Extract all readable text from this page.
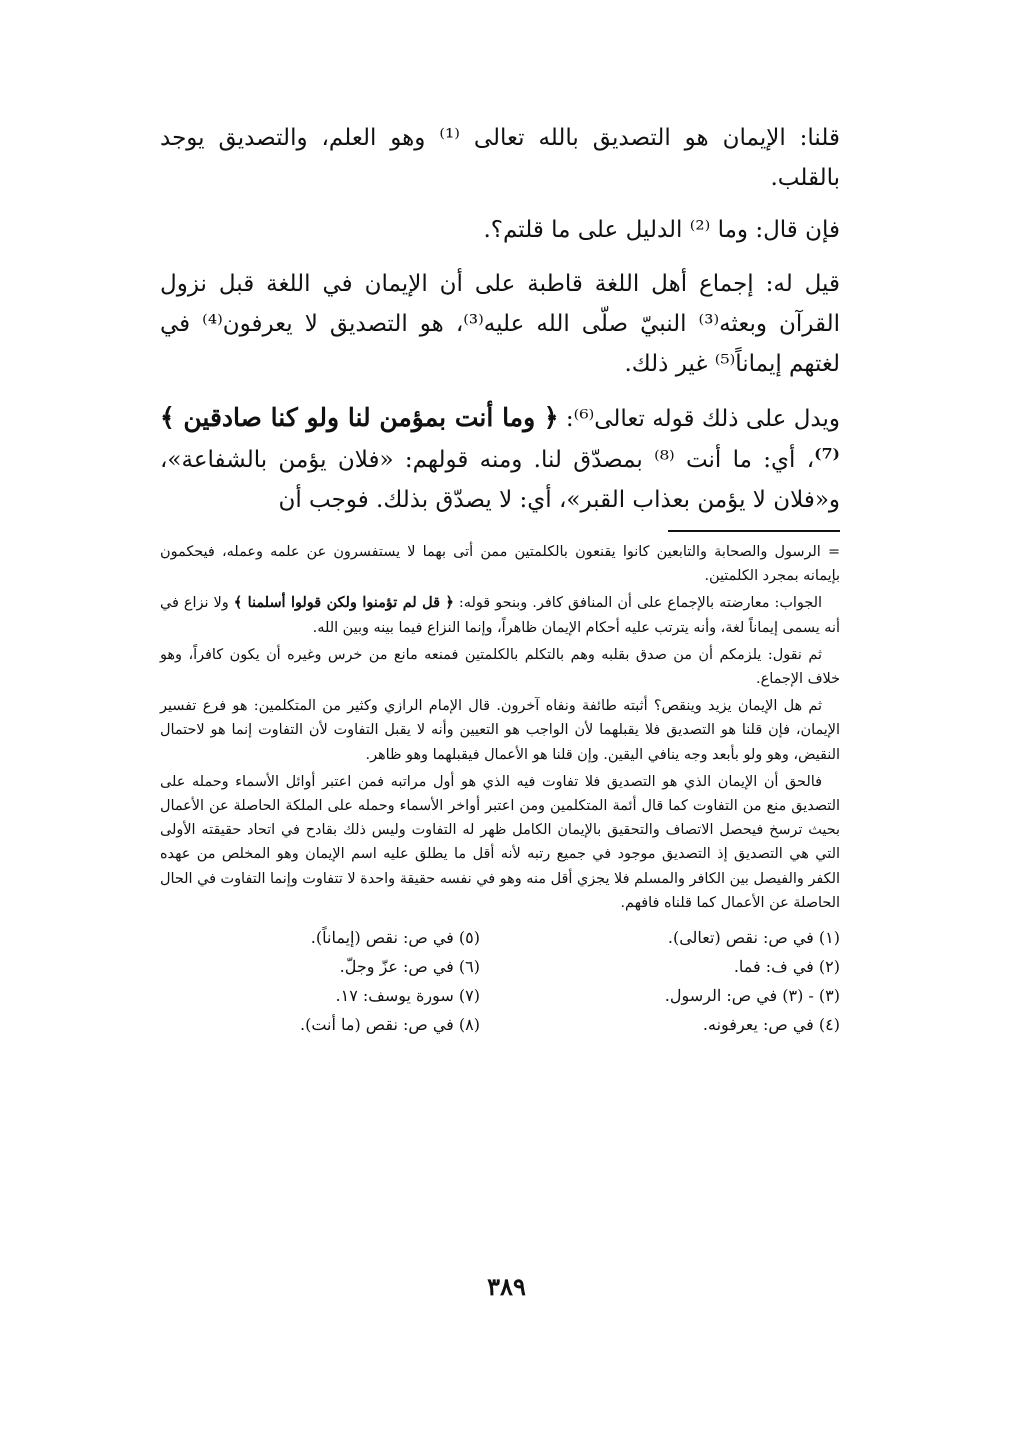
قلنا: الإيمان هو التصديق بالله تعالى ⁽¹⁾ وهو العلم، والتصديق يوجد بالقلب.

فإن قال: وما ⁽²⁾ الدليل على ما قلتم؟.

قيل له: إجماع أهل اللغة قاطبة على أن الإيمان في اللغة قبل نزول القرآن وبعثه⁽³⁾ النبيّ صلّى الله عليه⁽³⁾، هو التصديق لا يعرفون⁽⁴⁾ في لغتهم إيماناً⁽⁵⁾ غير ذلك.

ويدل على ذلك قوله تعالى⁽⁶⁾: ﴿ وما أنت بمؤمن لنا ولو كنا صادقين ﴾⁽⁷⁾، أي: ما أنت ⁽⁸⁾ بمصدّق لنا. ومنه قولهم: «فلان يؤمن بالشفاعة»، و«فلان لا يؤمن بعذاب القبر»، أي: لا يصدّق بذلك. فوجب أن

= الرسول والصحابة والتابعين كانوا يقنعون بالكلمتين ممن أتى بهما لا يستفسرون عن علمه وعمله، فيحكمون بإيمانه بمجرد الكلمتين.

الجواب: معارضته بالإجماع على أن المنافق كافر. وبنحو قوله: ﴿ قل لم تؤمنوا ولكن قولوا أسلمنا ﴾ ولا نزاع في أنه يسمى إيماناً لغة، وأنه يترتب عليه أحكام الإيمان ظاهراً، وإنما النزاع فيما بينه وبين الله.

ثم نقول: يلزمكم أن من صدق بقلبه وهم بالتكلم بالكلمتين فمنعه مانع من خرس وغيره أن يكون كافراً، وهو خلاف الإجماع.

ثم هل الإيمان يزيد وينقص؟ أثبته طائفة ونفاه آخرون. قال الإمام الرازي وكثير من المتكلمين: هو فرع تفسير الإيمان، فإن قلنا هو التصديق فلا يقبلهما لأن الواجب هو التعيين وأنه لا يقبل التفاوت لأن التفاوت إنما هو لاحتمال النقيض، وهو ولو بأبعد وجه ينافي اليقين. وإن قلنا هو الأعمال فيقبلهما وهو ظاهر.

فالحق أن الإيمان الذي هو التصديق فلا تفاوت فيه الذي هو أول مراتبه فمن اعتبر أوائل الأسماء وحمله على التصديق منع من التفاوت كما قال أئمة المتكلمين ومن اعتبر أواخر الأسماء وحمله على الملكة الحاصلة عن الأعمال بحيث ترسخ فيحصل الاتصاف والتحقيق بالإيمان الكامل ظهر له التفاوت وليس ذلك بقادح في اتحاد حقيقته الأولى التي هي التصديق إذ التصديق موجود في جميع رتبه لأنه أقل ما يطلق عليه اسم الإيمان وهو المخلص من عهده الكفر والفيصل بين الكافر والمسلم فلا يجزي أقل منه وهو في نفسه حقيقة واحدة لا تتفاوت وإنما التفاوت في الحال الحاصلة عن الأعمال كما قلناه فافهم.

(١) في ص: نقص (تعالى).
(٥) في ص: نقص (إيماناً).
(٢) في ف: فما.
(٦) في ص: عزّ وجلّ.
(٣) - (٣) في ص: الرسول.
(٧) سورة يوسف: ١٧.
(٤) في ص: يعرفونه.
(٨) في ص: نقص (ما أنت).
٣٨٩
